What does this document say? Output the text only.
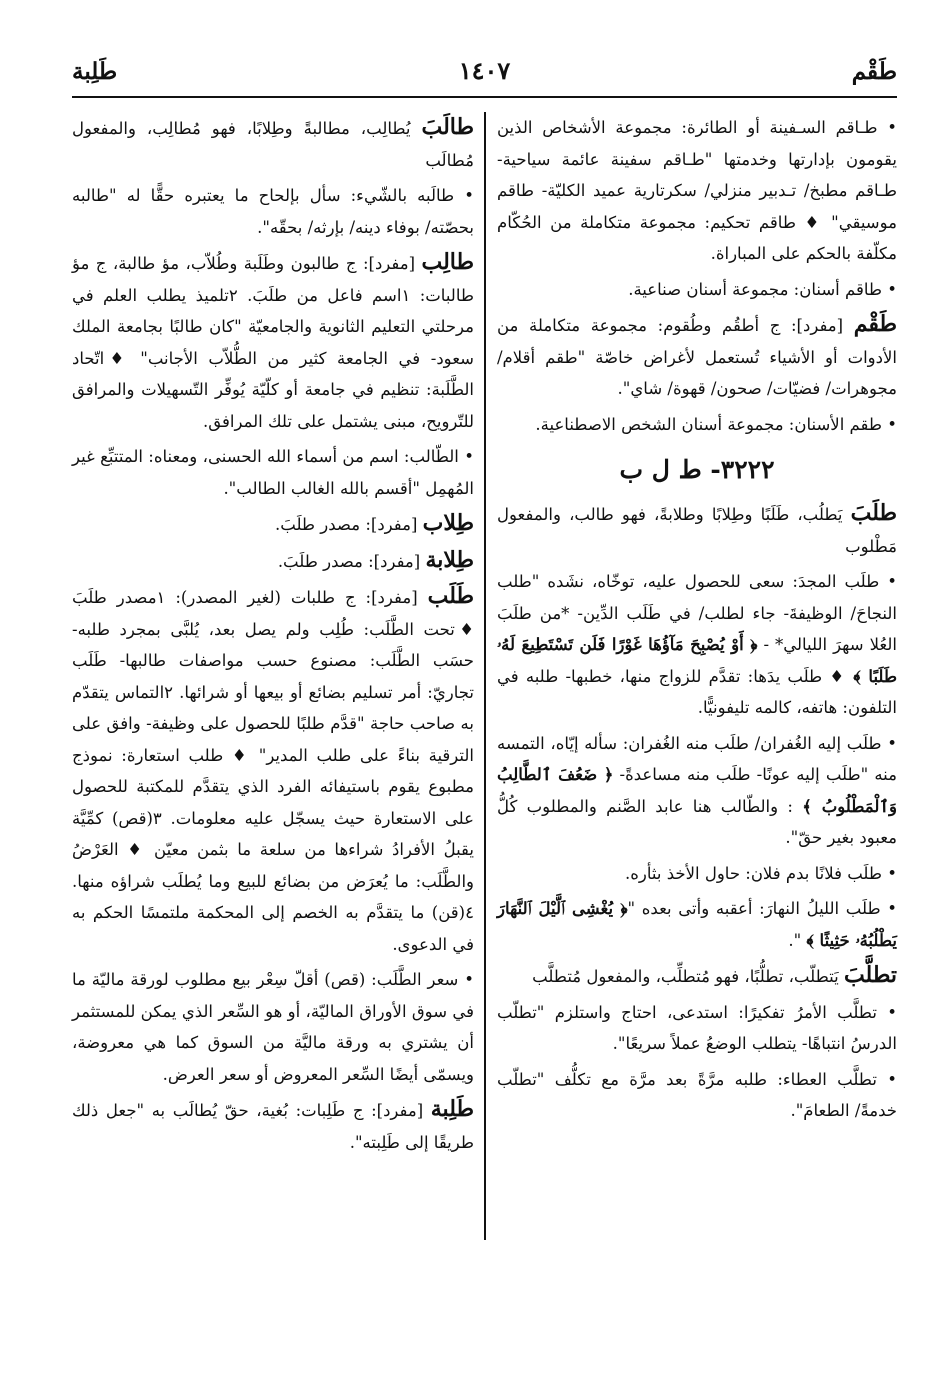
طَقْم
١٤٠٧
طَلِبة

• طـاقم السـفينة أو الطائرة: مجموعة الأشخاص الذين يقومون بإدارتها وخدمتها "طـاقم سفينة عائمة سياحية- طـاقم مطبخ/ تـدبير منزلي/ سكرتارية عميد الكليّة- طاقم موسيقي" ♦ طاقم تحكيم: مجموعة متكاملة من الحُكّام مكلّفة بالحكم على المباراة.

• طاقم أسنان: مجموعة أسنان صناعية.

طَقْم [مفرد]: ج أطقُم وطُقوم: مجموعة متكاملة من الأدوات أو الأشياء تُستعمل لأغراض خاصّة "طقم أقلام/ مجوهرات/ فضيّات/ صحون/ قهوة/ شاي".

• طقم الأسنان: مجموعة أسنان الشخص الاصطناعية.

٣٢٢٢- ط ل ب

طلَبَ يَطلُب، طَلَبًا وطِلابًا وطلابةً، فهو طالب، والمفعول مَطْلوب

• طلَب المجدَ: سعى للحصول عليه، توخّاه، نشَده "طلب النجاحَ/ الوظيفةَ- جاء لطلب/ في طَلَب الدِّين- *من طلَبَ العُلا سهرَ الليالي* - ﴿ أَوْ يُصْبِحَ مَآؤُهَا غَوْرًا فَلَن تَسْتَطِيعَ لَهُۥ طَلَبًا ﴾ ♦ طلَب يدَها: تقدَّم للزواج منها، خطبها- طلبه في التلفون: هاتفه، كالمه تليفونيًّا.

• طلَب إليه الغُفران/ طلَب منه الغُفران: سأله إيّاه، التمسه منه "طلَب إليه عونًا- طلَب منه مساعدةً- ﴿ ضَعُفَ ٱلطَّالِبُ وَٱلْمَطْلُوبُ ﴾ : والطّالب هنا عابد الصَّنم والمطلوب كُلُّ معبود بغير حقّ".

• طلَب فلانًا بدم فلان: حاول الأخذ بثأره.

• طلَب الليلُ النهارَ: أعقبه وأتى بعده "﴿ يُغْشِى ٱلَّيْلَ ٱلنَّهَارَ يَطْلُبُهُۥ حَثِيثًا ﴾ ".

تطلَّبَ يَتطلّب، تطلُّبًا، فهو مُتطلِّب، والمفعول مُتطلَّب

• تطلَّب الأمرُ تفكيرًا: استدعى، احتاج واستلزم "تطلّب الدرسُ انتباهًا- يتطلب الوضعُ عملاً سريعًا".

• تطلَّب العطاء: طلبه مرَّةً بعد مرَّة مع تكلُّف "تطلّب خدمةً/ الطعامَ".

طالَبَ يُطالِب، مطالبةً وطِلابًا، فهو مُطالِب، والمفعول مُطالَب

• طالَبه بالشّيء: سأل بإلحاح ما يعتبره حقًّا له "طالبه بحصّته/ بوفاء دينه/ بإرثه/ بحقّه".

طالِب [مفرد]: ج طالبون وطَلَبة وطُلاّب، مؤ طالبة، ج مؤ طالبات: ١اسم فاعل من طلَبَ. ٢تلميذ يطلب العلم في مرحلتي التعليم الثانوية والجامعيّة "كان طالبًا بجامعة الملك سعود- في الجامعة كثير من الطُّلاّب الأجانب" ♦اتّحاد الطَّلَبة: تنظيم في جامعة أو كلّيّة يُوفِّر التّسهيلات والمرافق للتّرويح، مبنى يشتمل على تلك المرافق.

• الطّالب: اسم من أسماء الله الحسنى، ومعناه: المتتبِّع غير المُهمِل "أقسم بالله الغالب الطالب".

طِلاب [مفرد]: مصدر طلَبَ.

طِلابة [مفرد]: مصدر طلَبَ.

طَلَب [مفرد]: ج طلبات (لغير المصدر): ١مصدر طلَبَ ♦تحت الطَّلَب: طُلِب ولم يصل بعد، يُلبَّى بمجرد طلبه- حسَب الطَّلَب: مصنوع حسب مواصفات طالبها- طَلَب تجاريّ: أمر تسليم بضائع أو بيعها أو شرائها. ٢التماس يتقدّم به صاحب حاجة "قدَّم طلبًا للحصول على وظيفة- وافق على الترقية بناءً على طلب المدير" ♦ طلب استعارة: نموذج مطبوع يقوم باستيفائه الفرد الذي يتقدَّم للمكتبة للحصول على الاستعارة حيث يسجّل عليه معلومات. ٣(قص) كمِّيَّة يقبلُ الأفرادُ شراءها من سلعة ما بثمن معيّن ♦ العَرْضُ والطَّلَب: ما يُعرَض من بضائع للبيع وما يُطلَب شراؤه منها. ٤(قن) ما يتقدَّم به الخصم إلى المحكمة ملتمسًا الحكم به في الدعوى.

• سعر الطَّلَب: (قص) أقلّ سِعْر بيع مطلوب لورقة ماليّة ما في سوق الأوراق الماليّة، أو هو السِّعر الذي يمكن للمستثمر أن يشتري به ورقة ماليَّة من السوق كما هي معروضة، ويسمّى أيضًا السِّعر المعروض أو سعر العرض.

طَلِبة [مفرد]: ج طَلِبات: بُغية، حقّ يُطالَب به "جعل ذلك طريقًا إلى طَلِبته".
